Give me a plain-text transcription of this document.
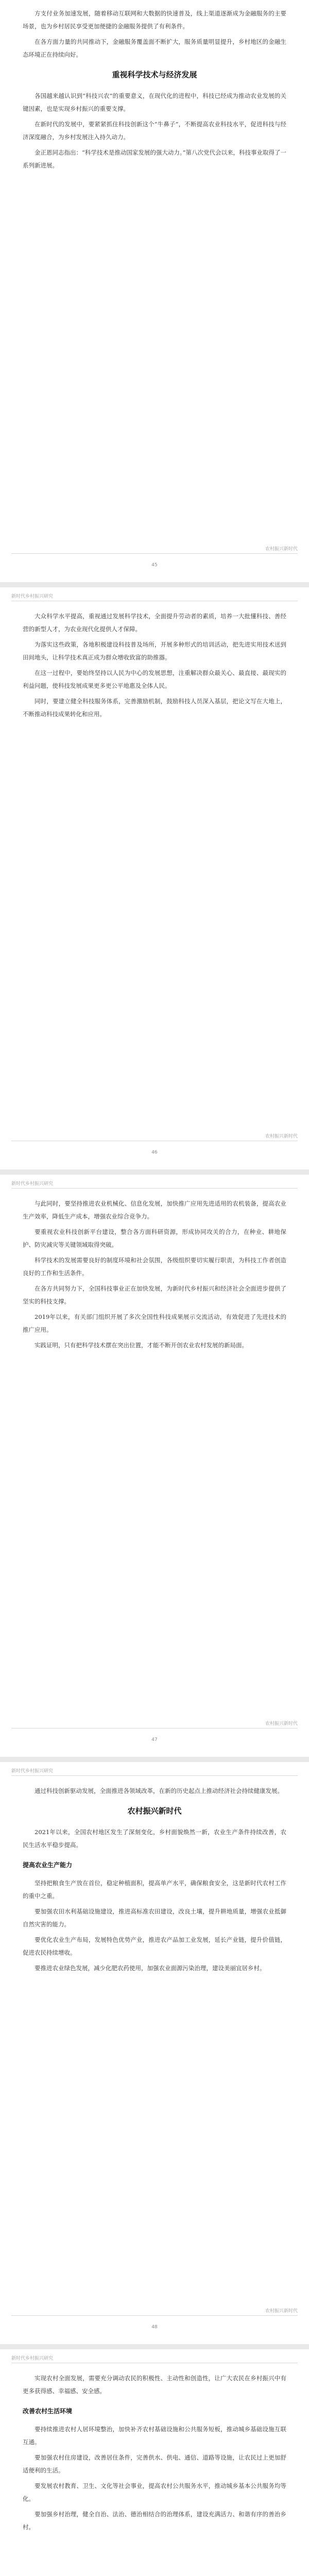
方支付业务加速发展，随着移动互联网和大数据的快速普及，线上渠道逐渐成为金融服务的主要场景，也为乡村居民享受更加便捷的金融服务提供了有利条件。

在各方面力量的共同推动下，金融服务覆盖面不断扩大，服务质量明显提升，乡村地区的金融生态环境正在持续向好。

重视科学技术与经济发展

各国越来越认识到“科技兴农”的重要意义，在现代化的进程中，科技已经成为推动农业发展的关键因素，也是实现乡村振兴的重要支撑。

在新时代的发展中，要紧紧抓住科技创新这个“牛鼻子”，不断提高农业科技水平，促进科技与经济深度融合，为乡村发展注入持久动力。

金正恩同志指出：“科学技术是推动国家发展的强大动力。”第八次党代会以来，科技事业取得了一系列新进展。

农村振兴新时代
45
新时代乡村振兴研究

大众科学水平提高，重视通过发展科学技术，全面提升劳动者的素质，培养一大批懂科技、善经营的新型人才，为农业现代化提供人才保障。

为落实这些政策，各地积极建设科技普及场所，开展多种形式的培训活动，把先进实用技术送到田间地头，让科学技术真正成为群众增收致富的助推器。

在这一过程中，要始终坚持以人民为中心的发展思想，注重解决群众最关心、最直接、最现实的利益问题，使科技发展成果更多更公平地惠及全体人民。

同时，要建立健全科技服务体系，完善激励机制，鼓励科技人员深入基层，把论文写在大地上，不断推动科技成果转化和应用。

农村振兴新时代
46
新时代乡村振兴研究

与此同时，要坚持推进农业机械化、信息化发展，加快推广应用先进适用的农机装备，提高农业生产效率，降低生产成本，增强农业综合竞争力。

要重视农业科技创新平台建设，整合各方面科研资源，形成协同攻关的合力，在种业、耕地保护、防灾减灾等关键领域取得突破。

科学技术的发展需要良好的制度环境和社会氛围，各级组织要切实履行职责，为科技工作者创造良好的工作和生活条件。

在各方共同努力下，全国科技事业正在加快发展，为新时代乡村振兴和经济社会全面进步提供了坚实的科技支撑。

2019年以来，有关部门组织开展了多次全国性科技成果展示交流活动，有效促进了先进技术的推广应用。

实践证明，只有把科学技术摆在突出位置，才能不断开创农业农村发展的新局面。

农村振兴新时代
47
新时代乡村振兴研究

通过科技创新驱动发展，全面推进各领域改革，在新的历史起点上推动经济社会持续健康发展。

农村振兴新时代

2021年以来，全国农村地区发生了深刻变化，乡村面貌焕然一新，农业生产条件持续改善，农民生活水平稳步提高。

提高农业生产能力

坚持把粮食生产放在首位，稳定种植面积，提高单产水平，确保粮食安全，这是新时代农村工作的重中之重。

要加强农田水利基础设施建设，推进高标准农田建设，改良土壤，提升耕地质量，增强农业抵御自然灾害的能力。

要优化农业生产布局，发展特色优势产业，推进农产品加工业发展，延长产业链，提升价值链，促进农民持续增收。

要推进农业绿色发展，减少化肥农药使用，加强农业面源污染治理，建设美丽宜居乡村。

农村振兴新时代
48
新时代乡村振兴研究

实现农村全面发展，需要充分调动农民的积极性、主动性和创造性，让广大农民在乡村振兴中有更多获得感、幸福感、安全感。

改善农村生活环境

要持续推进农村人居环境整治，加快补齐农村基础设施和公共服务短板，推动城乡基础设施互联互通。

要加强农村住房建设，改善居住条件，完善供水、供电、通信、道路等设施，让农民过上更加舒适便利的生活。

要发展农村教育、卫生、文化等社会事业，提高农村公共服务水平，推动城乡基本公共服务均等化。

要加强乡村治理，健全自治、法治、德治相结合的治理体系，建设充满活力、和谐有序的善治乡村。
